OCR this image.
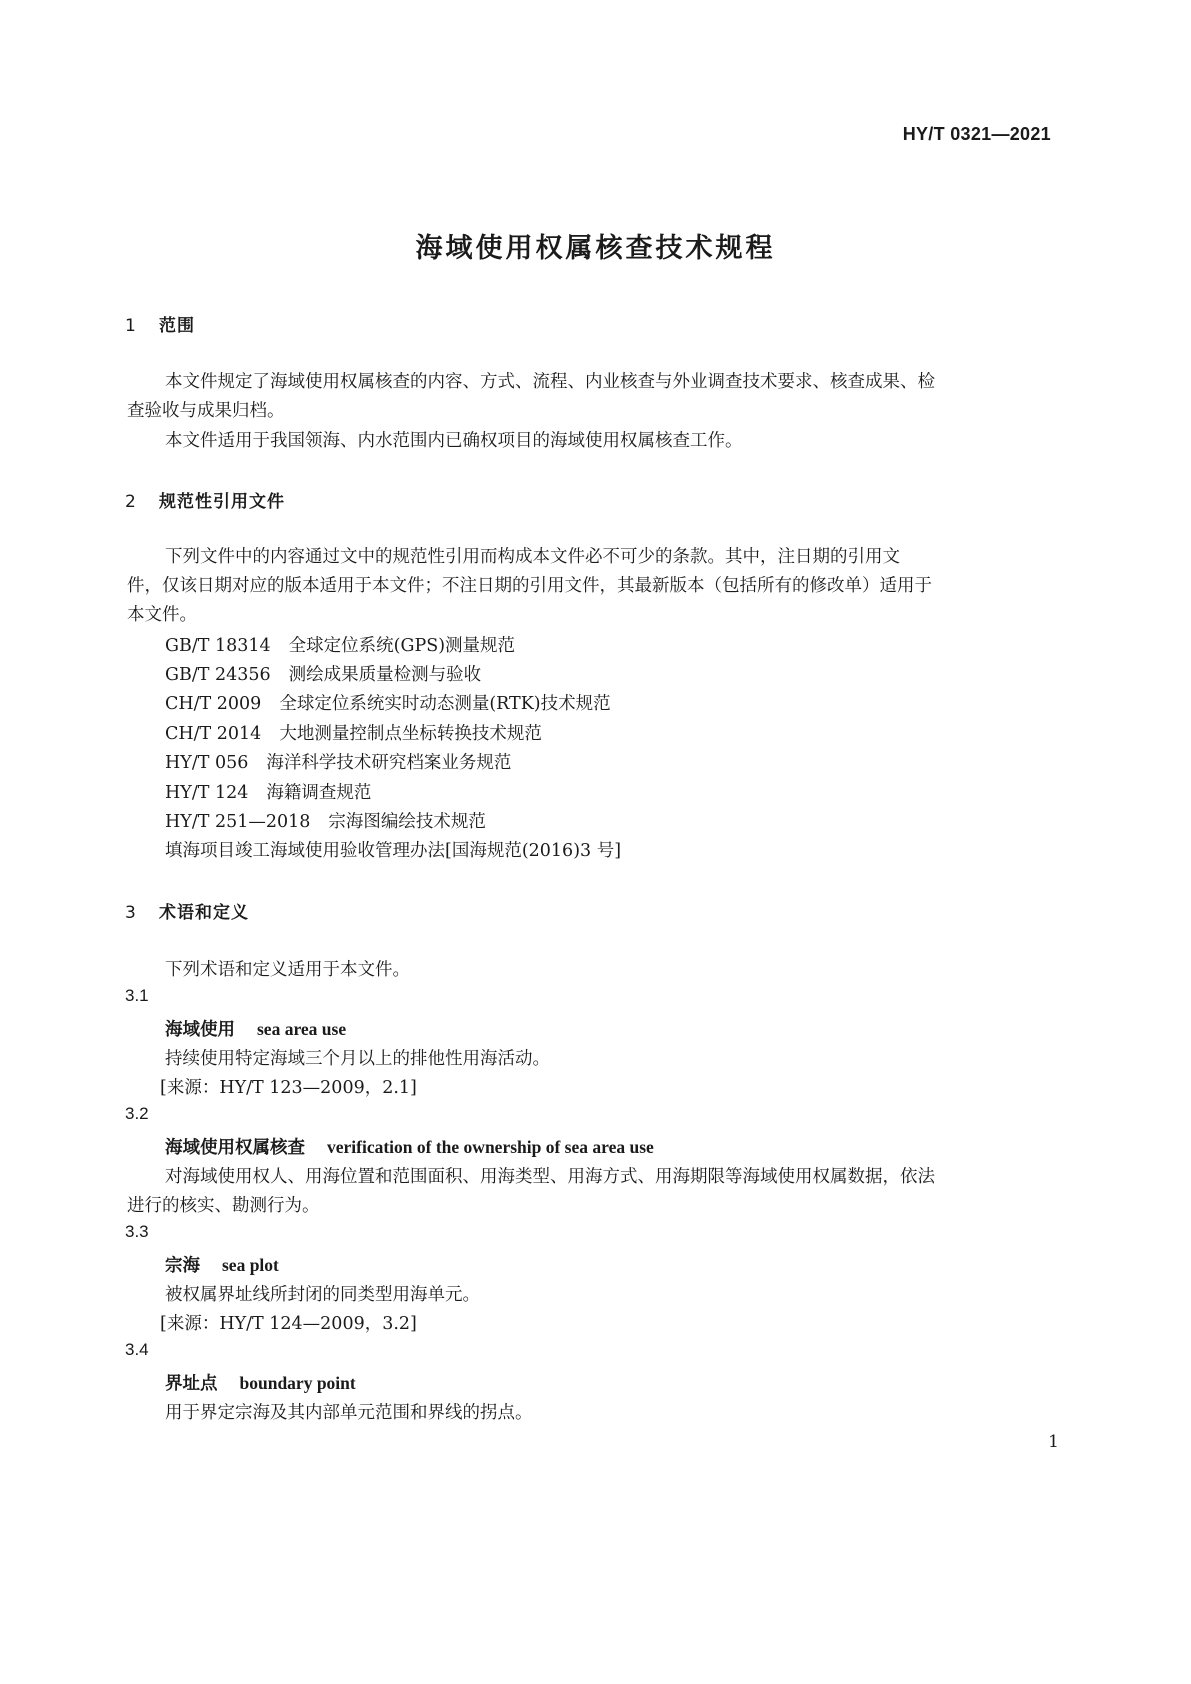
HY/T 0321—2021
海域使用权属核查技术规程
1 范围
本文件规定了海域使用权属核查的内容、方式、流程、内业核查与外业调查技术要求、核查成果、检
查验收与成果归档。
本文件适用于我国领海、内水范围内已确权项目的海域使用权属核查工作。
2 规范性引用文件
下列文件中的内容通过文中的规范性引用而构成本文件必不可少的条款。其中，注日期的引用文
件，仅该日期对应的版本适用于本文件；不注日期的引用文件，其最新版本（包括所有的修改单）适用于
本文件。
GB/T 18314 全球定位系统(GPS)测量规范
GB/T 24356 测绘成果质量检测与验收
CH/T 2009 全球定位系统实时动态测量(RTK)技术规范
CH/T 2014 大地测量控制点坐标转换技术规范
HY/T 056 海洋科学技术研究档案业务规范
HY/T 124 海籍调查规范
HY/T 251—2018 宗海图编绘技术规范
填海项目竣工海域使用验收管理办法[国海规范(2016)3 号]
3 术语和定义
下列术语和定义适用于本文件。
3.1
海域使用 sea area use
持续使用特定海域三个月以上的排他性用海活动。
[来源：HY/T 123—2009，2.1]
3.2
海域使用权属核查 verification of the ownership of sea area use
对海域使用权人、用海位置和范围面积、用海类型、用海方式、用海期限等海域使用权属数据，依法
进行的核实、勘测行为。
3.3
宗海 sea plot
被权属界址线所封闭的同类型用海单元。
[来源：HY/T 124—2009，3.2]
3.4
界址点 boundary point
用于界定宗海及其内部单元范围和界线的拐点。
1
